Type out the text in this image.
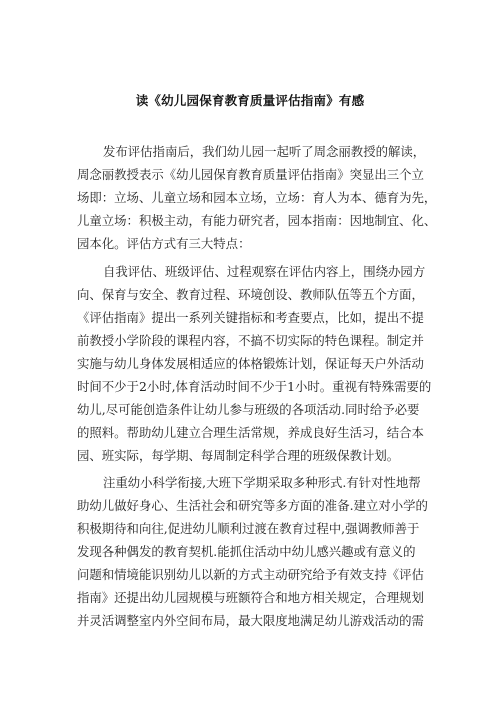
读《幼儿园保育教育质量评估指南》有感
发布评估指南后，我们幼儿园一起听了周念丽教授的解读，
周念丽教授表示《幼儿园保育教育质量评估指南》突显出三个立
场即：立场、儿童立场和园本立场，立场：育人为本、德育为先，
儿童立场：积极主动，有能力研究者，园本指南：因地制宜、化、
园本化。评估方式有三大特点：
自我评估、班级评估、过程观察在评估内容上，围绕办园方
向、保育与安全、教育过程、环境创设、教师队伍等五个方面，
《评估指南》提出一系列关键指标和考查要点，比如，提出不提
前教授小学阶段的课程内容，不搞不切实际的特色课程。制定并
实施与幼儿身体发展相适应的体格锻炼计划，保证每天户外活动
时间不少于2小时,体育活动时间不少于1小时。重视有特殊需要的
幼儿,尽可能创造条件让幼儿参与班级的各项活动.同时给予必要
的照料。帮助幼儿建立合理生活常规，养成良好生活习，结合本
园、班实际，每学期、每周制定科学合理的班级保教计划。
注重幼小科学衔接,大班下学期采取多种形式.有针对性地帮
助幼儿做好身心、生活社会和研究等多方面的准备.建立对小学的
积极期待和向往,促进幼儿顺利过渡在教育过程中,强调教师善于
发现各种偶发的教育契机.能抓住活动中幼儿感兴趣或有意义的
问题和情境能识别幼儿以新的方式主动研究给予有效支持《评估
指南》还提出幼儿园规模与班额符合和地方相关规定，合理规划
并灵活调整室内外空间布局，最大限度地满足幼儿游戏活动的需
